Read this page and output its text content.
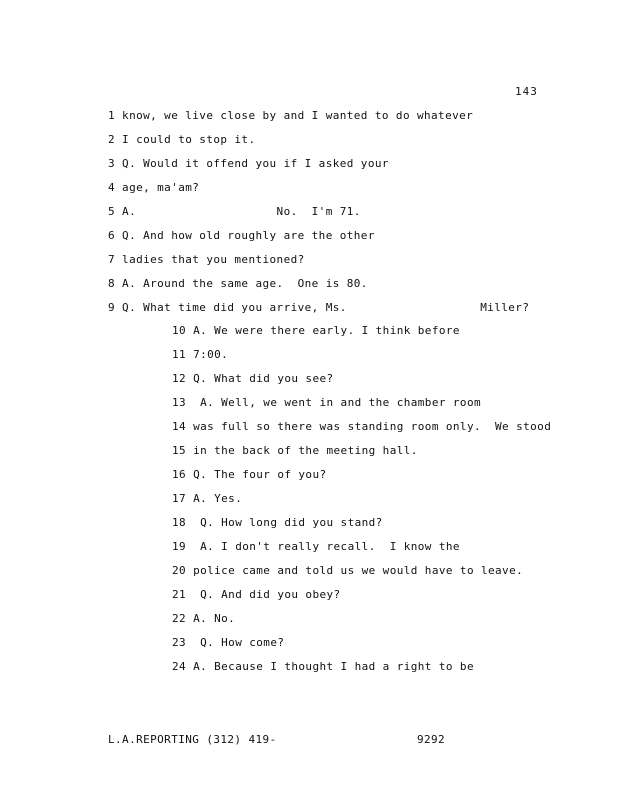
143
1 know, we live close by and I wanted to do whatever
2 I could to stop it.
3 Q. Would it offend you if I asked your
4 age, ma'am?
5 A.                    No.  I'm 71.
6 Q. And how old roughly are the other
7 ladies that you mentioned?
8 A. Around the same age.  One is 80.
9 Q. What time did you arrive, Ms.                   Miller?
10 A. We were there early. I think before
11 7:00.
12 Q. What did you see?
13  A. Well, we went in and the chamber room
14 was full so there was standing room only.  We stood
15 in the back of the meeting hall.
16 Q. The four of you?
17 A. Yes.
18  Q. How long did you stand?
19  A. I don't really recall.  I know the
20 police came and told us we would have to leave.
21  Q. And did you obey?
22 A. No.
23  Q. How come?
24 A. Because I thought I had a right to be
L.A.REPORTING (312) 419-                    9292
